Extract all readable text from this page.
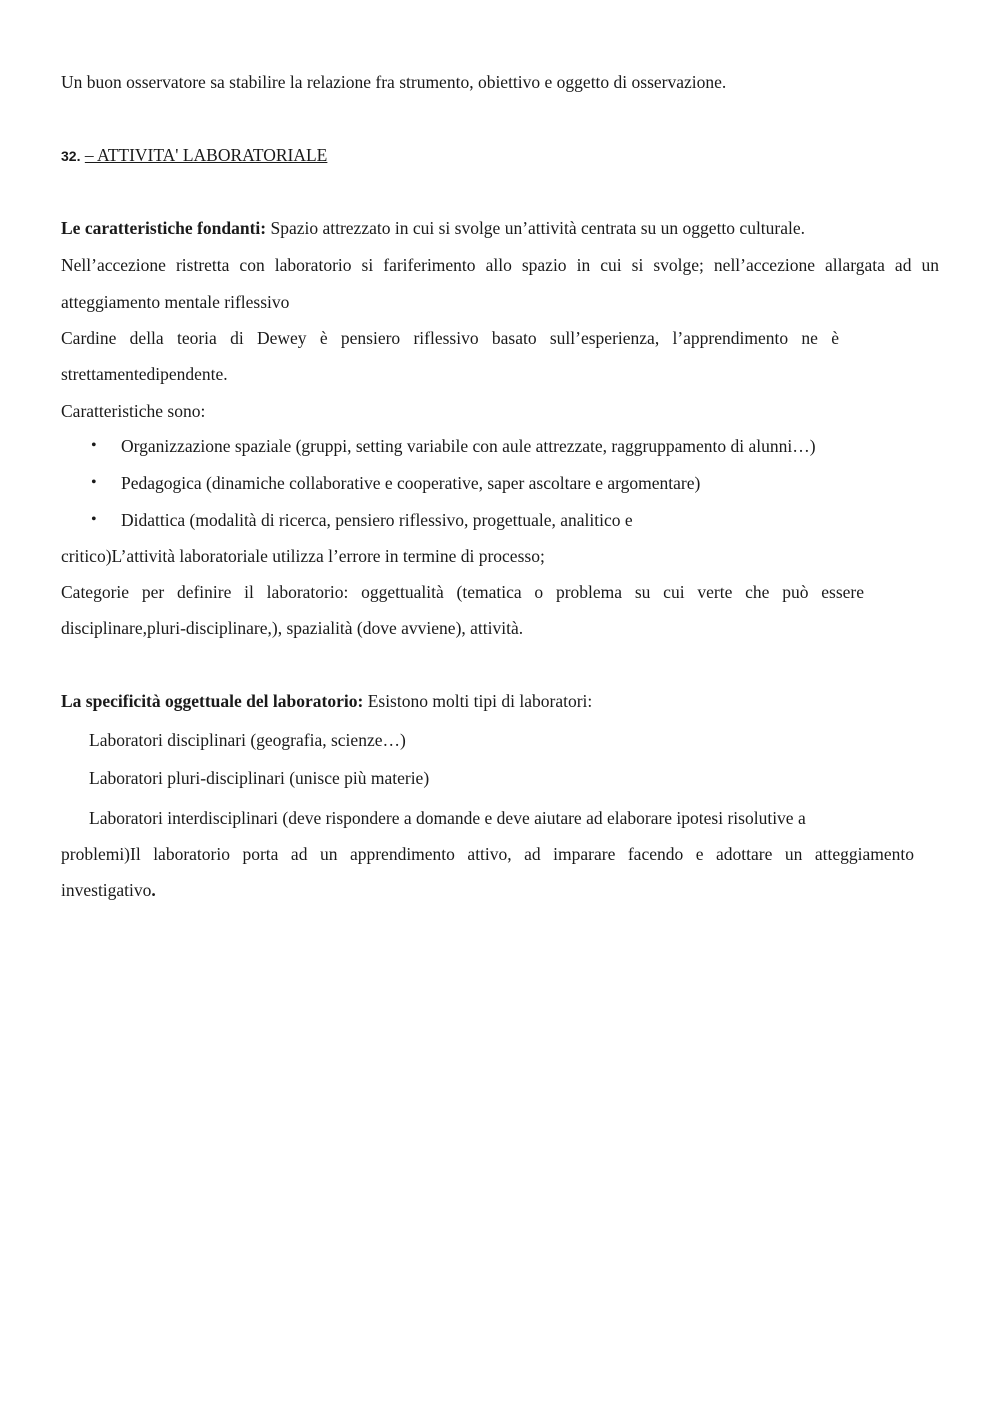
Un buon osservatore sa stabilire la relazione fra strumento, obiettivo e oggetto di osservazione.
32. – ATTIVITA' LABORATORIALE
Le caratteristiche fondanti: Spazio attrezzato in cui si svolge un’attività centrata su un oggetto culturale.
Nell’accezione ristretta con laboratorio si fariferimento allo spazio in cui si svolge; nell’accezione allargata ad un
atteggiamento mentale riflessivo
Cardine della teoria di Dewey è pensiero riflessivo basato sull’esperienza, l’apprendimento ne è
strettamentedipendente.
Caratteristiche sono:
• Organizzazione spaziale (gruppi, setting variabile con aule attrezzate, raggruppamento di alunni…)
• Pedagogica (dinamiche collaborative e cooperative, saper ascoltare e argomentare)
• Didattica (modalità di ricerca, pensiero riflessivo, progettuale, analitico e
critico)L’attività laboratoriale utilizza l’errore in termine di processo;
Categorie per definire il laboratorio: oggettualità (tematica o problema su cui verte che può essere
disciplinare,pluri-disciplinare,), spazialità (dove avviene), attività.
La specificità oggettuale del laboratorio: Esistono molti tipi di laboratori:
Laboratori disciplinari (geografia, scienze…)
Laboratori pluri-disciplinari (unisce più materie)
Laboratori interdisciplinari (deve rispondere a domande e deve aiutare ad elaborare ipotesi risolutive a
problemi)Il laboratorio porta ad un apprendimento attivo, ad imparare facendo e adottare un atteggiamento
investigativo.
